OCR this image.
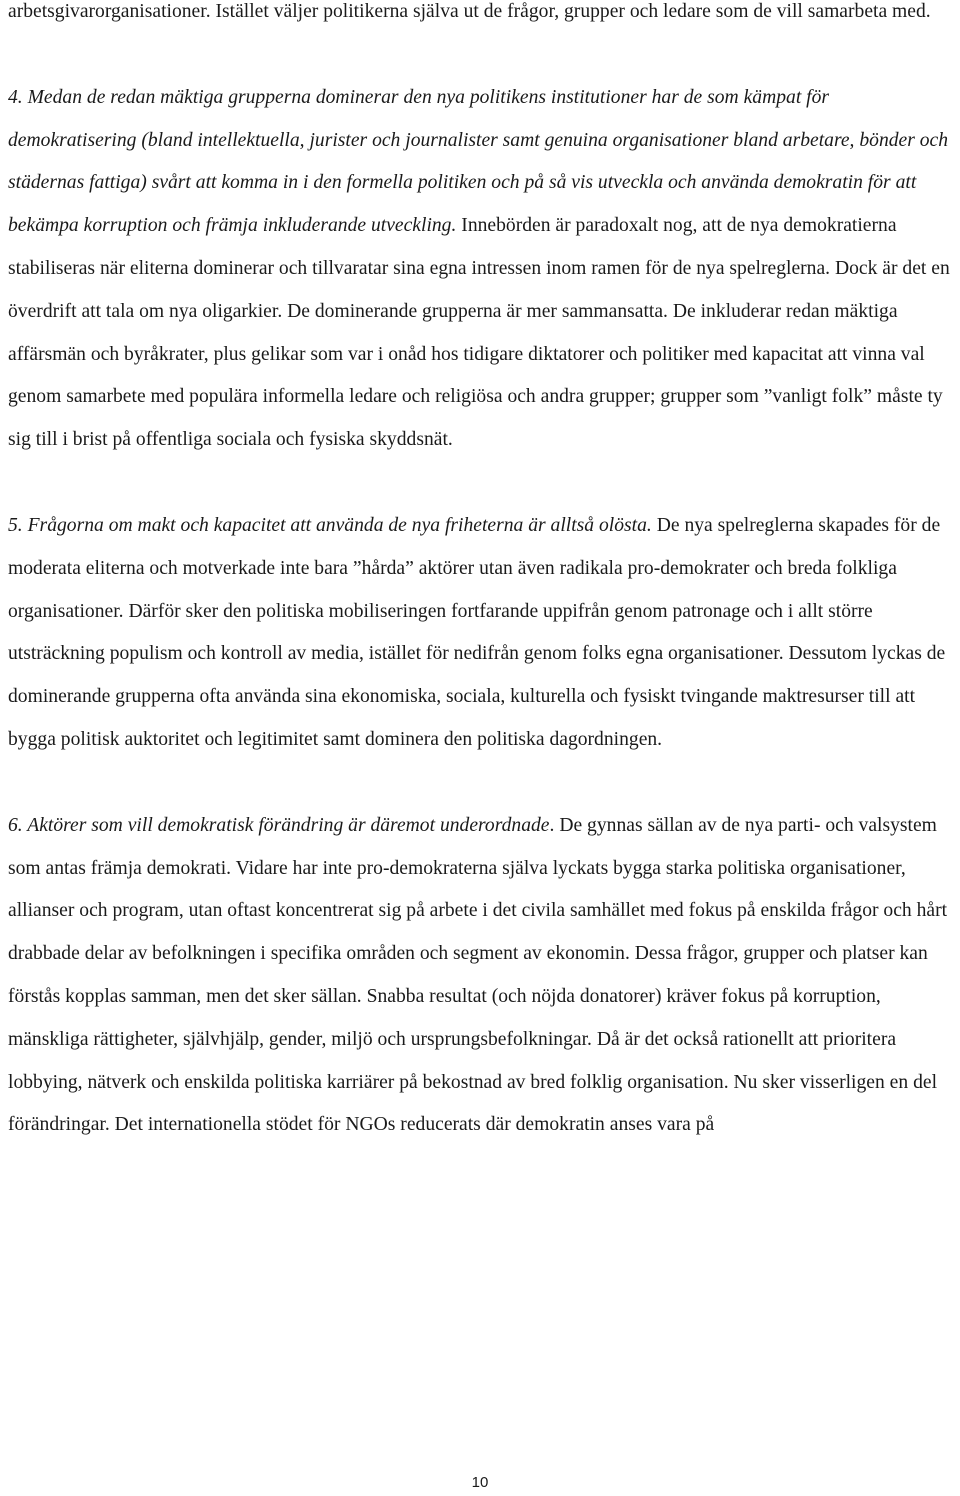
arbetsgivarorganisationer. Istället väljer politikerna själva ut de frågor, grupper och ledare som de vill samarbeta med.

4. Medan de redan mäktiga grupperna dominerar den nya politikens institutioner har de som kämpat för demokratisering (bland intellektuella, jurister och journalister samt genuina organisationer bland arbetare, bönder och städernas fattiga) svårt att komma in i den formella politiken och på så vis utveckla och använda demokratin för att bekämpa korruption och främja inkluderande utveckling. Innebörden är paradoxalt nog, att de nya demokratierna stabiliseras när eliterna dominerar och tillvaratar sina egna intressen inom ramen för de nya spelreglerna. Dock är det en överdrift att tala om nya oligarkier. De dominerande grupperna är mer sammansatta. De inkluderar redan mäktiga affärsmän och byråkrater, plus gelikar som var i onåd hos tidigare diktatorer och politiker med kapacitat att vinna val genom samarbete med populära informella ledare och religiösa och andra grupper; grupper som ”vanligt folk” måste ty sig till i brist på offentliga sociala och fysiska skyddsnät.

5. Frågorna om makt och kapacitet att använda de nya friheterna är alltså olösta. De nya spelreglerna skapades för de moderata eliterna och motverkade inte bara ”hårda” aktörer utan även radikala pro-demokrater och breda folkliga organisationer. Därför sker den politiska mobiliseringen fortfarande uppifrån genom patronage och i allt större utsträckning populism och kontroll av media, istället för nedifrån genom folks egna organisationer. Dessutom lyckas de dominerande grupperna ofta använda sina ekonomiska, sociala, kulturella och fysiskt tvingande maktresurser till att bygga politisk auktoritet och legitimitet samt dominera den politiska dagordningen.

6. Aktörer som vill demokratisk förändring är däremot underordnade. De gynnas sällan av de nya parti- och valsystem som antas främja demokrati. Vidare har inte pro-demokraterna själva lyckats bygga starka politiska organisationer, allianser och program, utan oftast koncentrerat sig på arbete i det civila samhället med fokus på enskilda frågor och hårt drabbade delar av befolkningen i specifika områden och segment av ekonomin. Dessa frågor, grupper och platser kan förstås kopplas samman, men det sker sällan. Snabba resultat (och nöjda donatorer) kräver fokus på korruption, mänskliga rättigheter, självhjälp, gender, miljö och ursprungsbefolkningar. Då är det också rationellt att prioritera lobbying, nätverk och enskilda politiska karriärer på bekostnad av bred folklig organisation. Nu sker visserligen en del förändringar. Det internationella stödet för NGOs reducerats där demokratin anses vara på

10
